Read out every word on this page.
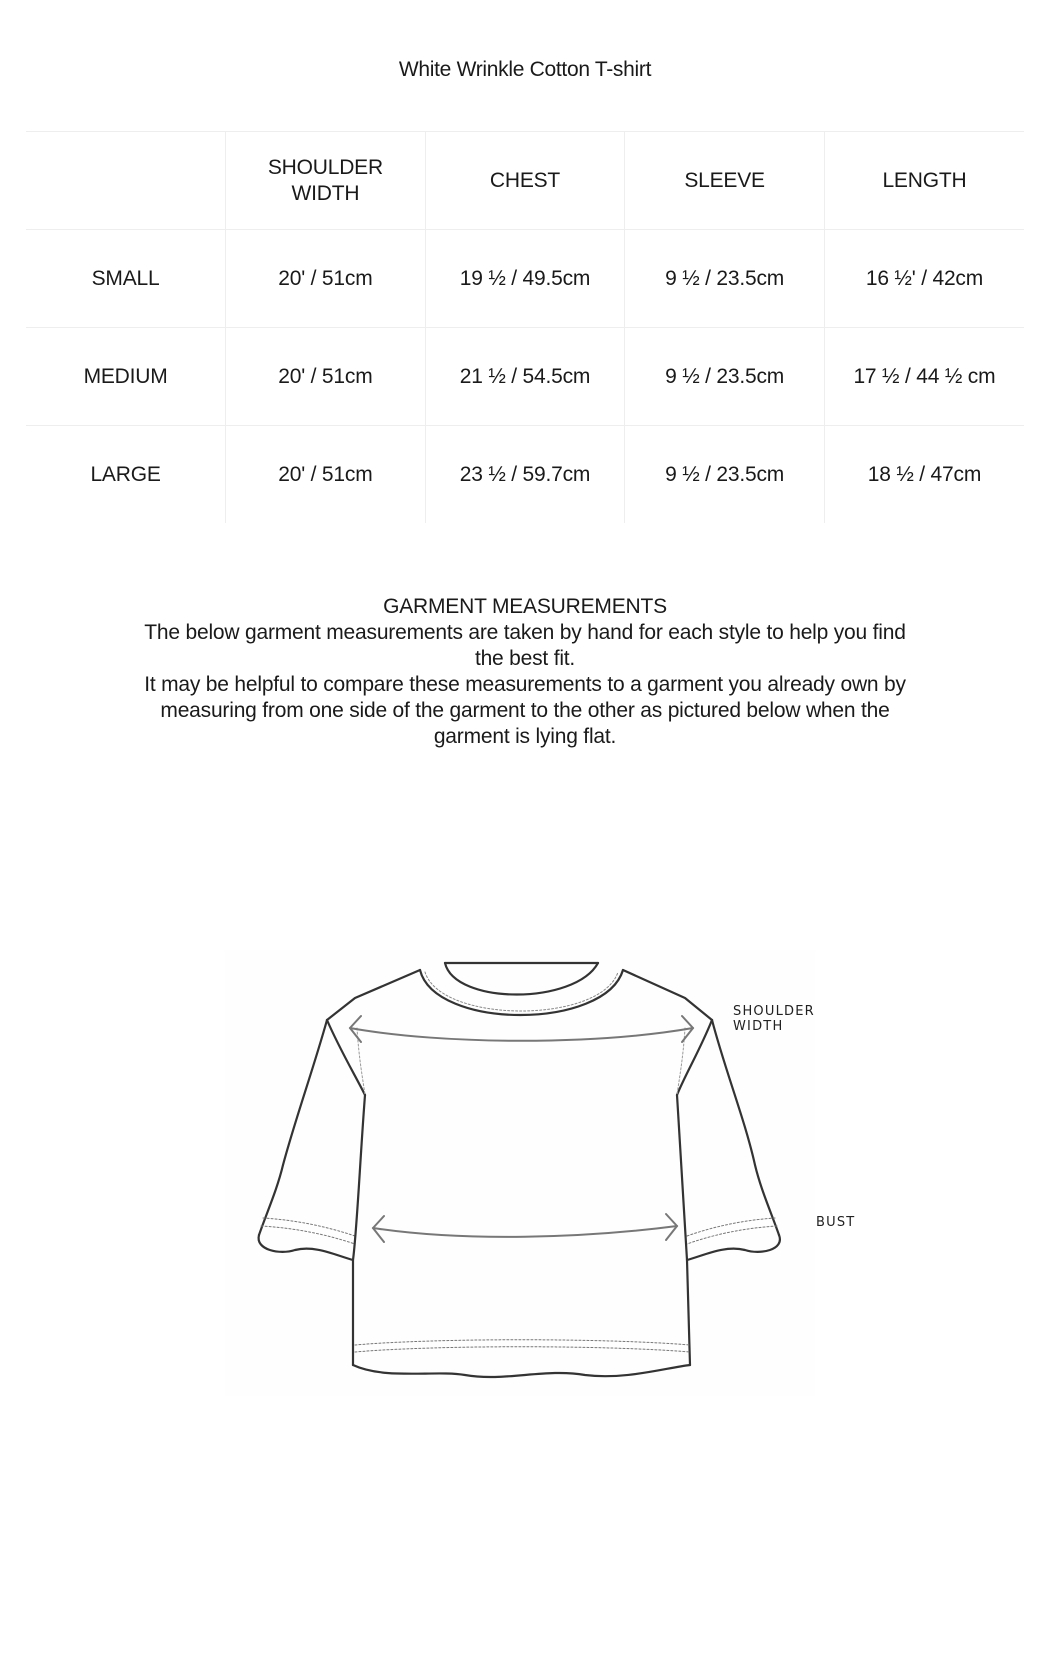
White Wrinkle Cotton T-shirt
	SHOULDER WIDTH	CHEST	SLEEVE	LENGTH
SMALL	20' / 51cm	19 ½ / 49.5cm	9 ½ / 23.5cm	16 ½' / 42cm
MEDIUM	20' / 51cm	21 ½ / 54.5cm	9 ½ / 23.5cm	17 ½ / 44 ½ cm
LARGE	20' / 51cm	23 ½ / 59.7cm	9 ½ / 23.5cm	18 ½ / 47cm

GARMENT MEASUREMENTS

The below garment measurements are taken by hand for each style to help you find the best fit.

It may be helpful to compare these measurements to a garment you already own by measuring from one side of the garment to the other as pictured below when the garment is lying flat.

SHOULDER WIDTH
BUST
